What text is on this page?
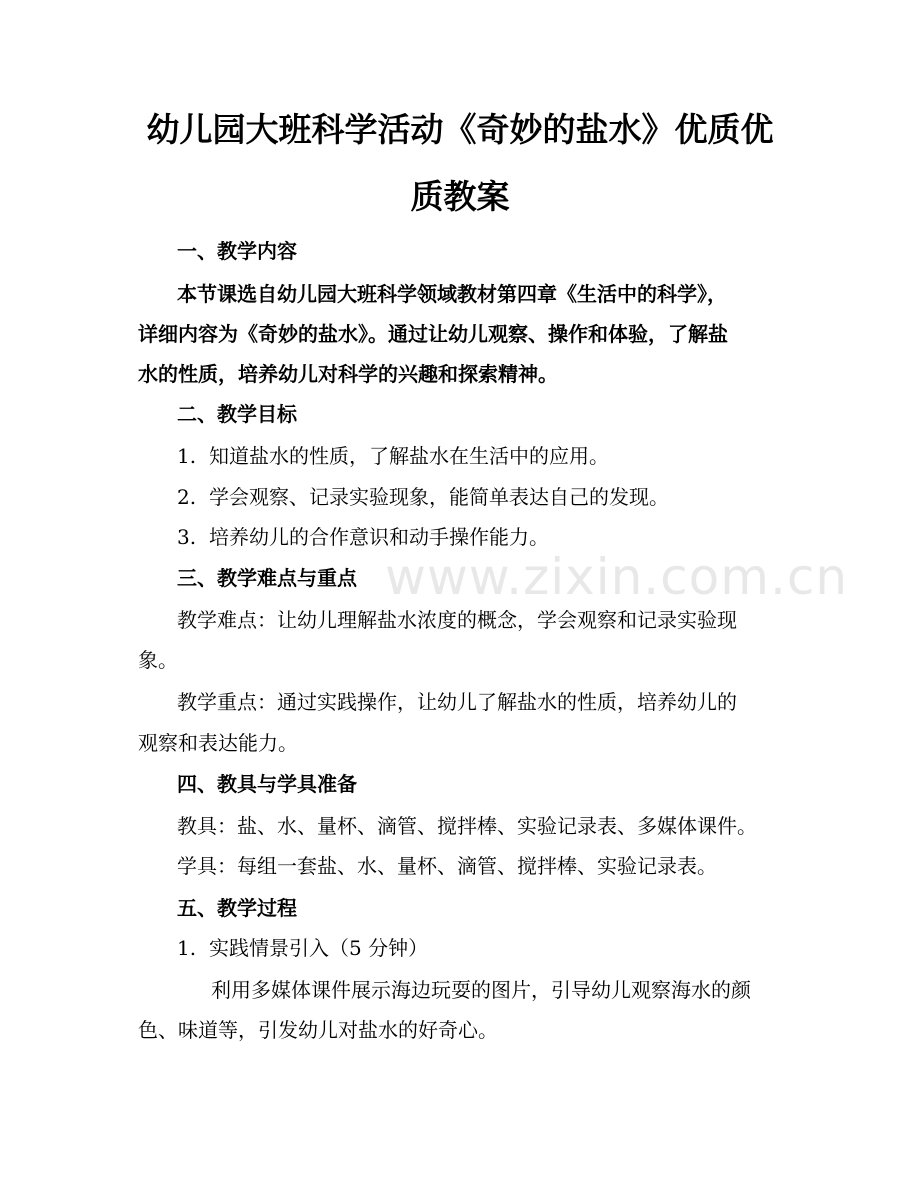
幼儿园大班科学活动《奇妙的盐水》优质优
质教案
一、教学内容
本节课选自幼儿园大班科学领域教材第四章《生活中的科学》，
详细内容为《奇妙的盐水》。通过让幼儿观察、操作和体验，了解盐
水的性质，培养幼儿对科学的兴趣和探索精神。
二、教学目标
1. 知道盐水的性质，了解盐水在生活中的应用。
2. 学会观察、记录实验现象，能简单表达自己的发现。
3. 培养幼儿的合作意识和动手操作能力。
三、教学难点与重点
教学难点：让幼儿理解盐水浓度的概念，学会观察和记录实验现
象。
教学重点：通过实践操作，让幼儿了解盐水的性质，培养幼儿的
观察和表达能力。
四、教具与学具准备
教具：盐、水、量杯、滴管、搅拌棒、实验记录表、多媒体课件。
学具：每组一套盐、水、量杯、滴管、搅拌棒、实验记录表。
五、教学过程
1. 实践情景引入（5 分钟）
利用多媒体课件展示海边玩耍的图片，引导幼儿观察海水的颜
色、味道等，引发幼儿对盐水的好奇心。
www.zixin.com.cn
